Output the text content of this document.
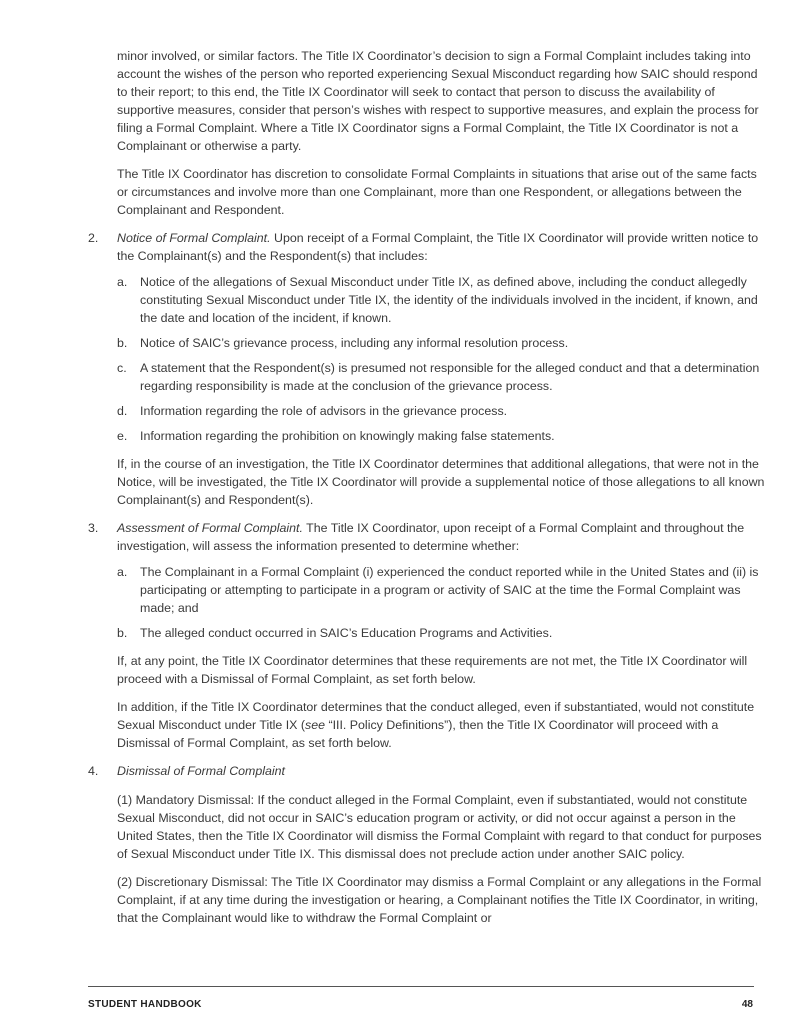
minor involved, or similar factors. The Title IX Coordinator’s decision to sign a Formal Complaint includes taking into account the wishes of the person who reported experiencing Sexual Misconduct regarding how SAIC should respond to their report; to this end, the Title IX Coordinator will seek to contact that person to discuss the availability of supportive measures, consider that person’s wishes with respect to supportive measures, and explain the process for filing a Formal Complaint. Where a Title IX Coordinator signs a Formal Complaint, the Title IX Coordinator is not a Complainant or otherwise a party.

The Title IX Coordinator has discretion to consolidate Formal Complaints in situations that arise out of the same facts or circumstances and involve more than one Complainant, more than one Respondent, or allegations between the Complainant and Respondent.

2. Notice of Formal Complaint. Upon receipt of a Formal Complaint, the Title IX Coordinator will provide written notice to the Complainant(s) and the Respondent(s) that includes:
a. Notice of the allegations of Sexual Misconduct under Title IX, as defined above, including the conduct allegedly constituting Sexual Misconduct under Title IX, the identity of the individuals involved in the incident, if known, and the date and location of the incident, if known.
b. Notice of SAIC’s grievance process, including any informal resolution process.
c. A statement that the Respondent(s) is presumed not responsible for the alleged conduct and that a determination regarding responsibility is made at the conclusion of the grievance process.
d. Information regarding the role of advisors in the grievance process.
e. Information regarding the prohibition on knowingly making false statements.

If, in the course of an investigation, the Title IX Coordinator determines that additional allegations, that were not in the Notice, will be investigated, the Title IX Coordinator will provide a supplemental notice of those allegations to all known Complainant(s) and Respondent(s).

3. Assessment of Formal Complaint. The Title IX Coordinator, upon receipt of a Formal Complaint and throughout the investigation, will assess the information presented to determine whether:
a. The Complainant in a Formal Complaint (i) experienced the conduct reported while in the United States and (ii) is participating or attempting to participate in a program or activity of SAIC at the time the Formal Complaint was made; and
b. The alleged conduct occurred in SAIC’s Education Programs and Activities.

If, at any point, the Title IX Coordinator determines that these requirements are not met, the Title IX Coordinator will proceed with a Dismissal of Formal Complaint, as set forth below.

In addition, if the Title IX Coordinator determines that the conduct alleged, even if substantiated, would not constitute Sexual Misconduct under Title IX (see “III. Policy Definitions”), then the Title IX Coordinator will proceed with a Dismissal of Formal Complaint, as set forth below.

4. Dismissal of Formal Complaint

(1) Mandatory Dismissal: If the conduct alleged in the Formal Complaint, even if substantiated, would not constitute Sexual Misconduct, did not occur in SAIC’s education program or activity, or did not occur against a person in the United States, then the Title IX Coordinator will dismiss the Formal Complaint with regard to that conduct for purposes of Sexual Misconduct under Title IX. This dismissal does not preclude action under another SAIC policy.

(2) Discretionary Dismissal: The Title IX Coordinator may dismiss a Formal Complaint or any allegations in the Formal Complaint, if at any time during the investigation or hearing, a Complainant notifies the Title IX Coordinator, in writing, that the Complainant would like to withdraw the Formal Complaint or

STUDENT HANDBOOK	48
